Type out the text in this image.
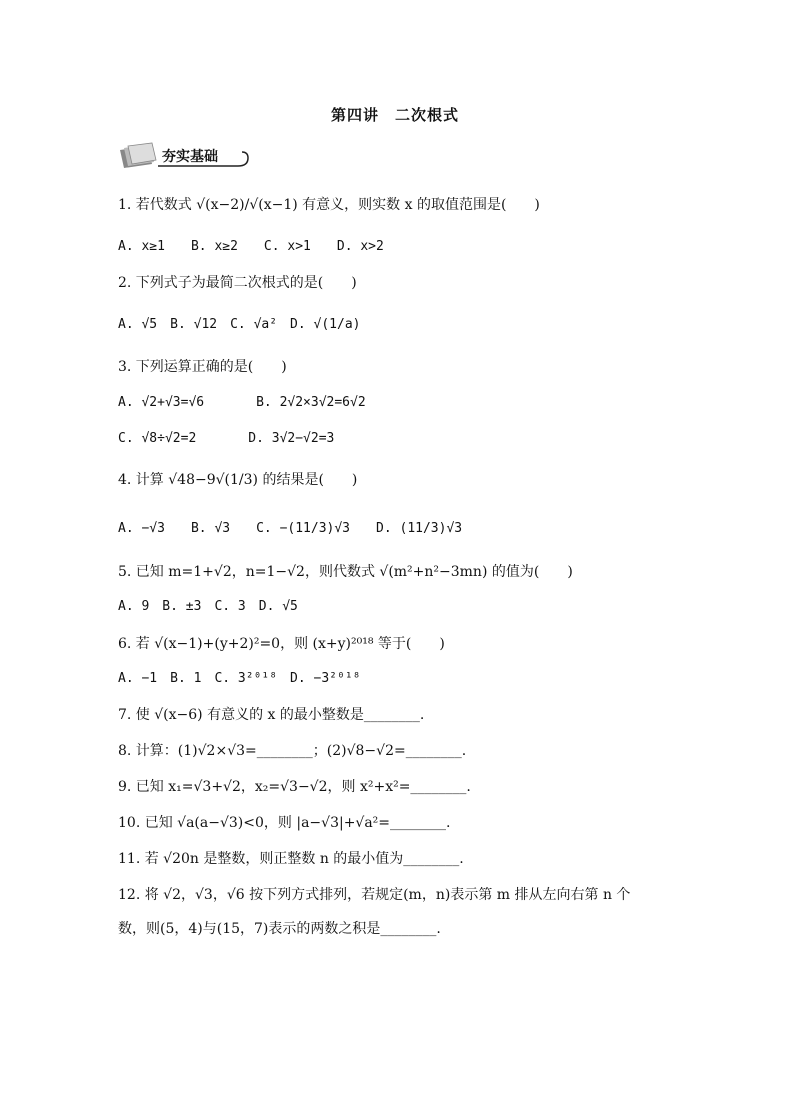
第四讲　二次根式
夯实基础
1. 若代数式 √(x−2)/√(x−1) 有意义，则实数 x 的取值范围是(　　)
A. x≥1　　B. x≥2　　C. x>1　　D. x>2
2. 下列式子为最简二次根式的是(　　)
A. √5　B. √12　C. √a²　D. √(1/a)
3. 下列运算正确的是(　　)
A. √2+√3=√6　　　　B. 2√2×3√2=6√2
C. √8÷√2=2　　　　D. 3√2−√2=3
4. 计算 √48−9√(1/3) 的结果是(　　)
A. −√3　　B. √3　　C. −(11/3)√3　　D. (11/3)√3
5. 已知 m=1+√2，n=1−√2，则代数式 √(m²+n²−3mn) 的值为(　　)
A. 9　B. ±3　C. 3　D. √5
6. 若 √(x−1)+(y+2)²=0，则 (x+y)²⁰¹⁸ 等于(　　)
A. −1　B. 1　C. 3²⁰¹⁸　D. −3²⁰¹⁸
7. 使 √(x−6) 有意义的 x 的最小整数是________.
8. 计算：(1)√2×√3=________；(2)√8−√2=________.
9. 已知 x₁=√3+√2，x₂=√3−√2，则 x²+x²=________.
10. 已知 √a(a−√3)<0，则 |a−√3|+√a²=________.
11. 若 √20n 是整数，则正整数 n 的最小值为________.
12. 将 √2，√3，√6 按下列方式排列，若规定(m，n)表示第 m 排从左向右第 n 个
数，则(5，4)与(15，7)表示的两数之积是________.
